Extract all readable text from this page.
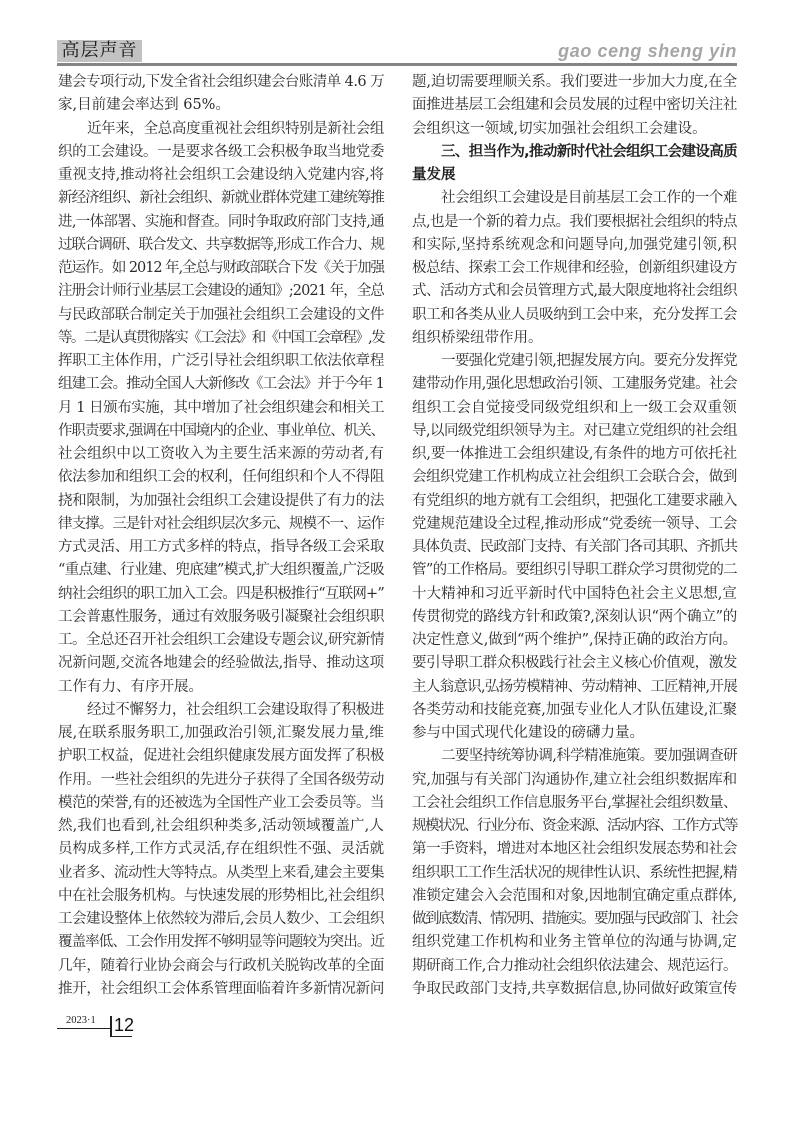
高层声音	gao ceng sheng yin
建会专项行动,下发全省社会组织建会台账清单 4.6 万
家,目前建会率达到 65%。
近年来，全总高度重视社会组织特别是新社会组
织的工会建设。一是要求各级工会积极争取当地党委
重视支持,推动将社会组织工会建设纳入党建内容,将
新经济组织、新社会组织、新就业群体党建工建统筹推
进,一体部署、实施和督查。同时争取政府部门支持,通
过联合调研、联合发文、共享数据等,形成工作合力、规
范运作。如 2012 年,全总与财政部联合下发《关于加强
注册会计师行业基层工会建设的通知》;2021 年，全总
与民政部联合制定关于加强社会组织工会建设的文件
等。二是认真贯彻落实《工会法》和《中国工会章程》,发
挥职工主体作用，广泛引导社会组织职工依法依章程
组建工会。推动全国人大新修改《工会法》并于今年 1
月 1 日颁布实施，其中增加了社会组织建会和相关工
作职责要求,强调在中国境内的企业、事业单位、机关、
社会组织中以工资收入为主要生活来源的劳动者,有
依法参加和组织工会的权利，任何组织和个人不得阻
挠和限制，为加强社会组织工会建设提供了有力的法
律支撑。三是针对社会组织层次多元、规模不一、运作
方式灵活、用工方式多样的特点，指导各级工会采取
“重点建、行业建、兜底建”模式,扩大组织覆盖,广泛吸
纳社会组织的职工加入工会。四是积极推行“互联网+”
工会普惠性服务，通过有效服务吸引凝聚社会组织职
工。全总还召开社会组织工会建设专题会议,研究新情
况新问题,交流各地建会的经验做法,指导、推动这项
工作有力、有序开展。
经过不懈努力，社会组织工会建设取得了积极进
展,在联系服务职工,加强政治引领,汇聚发展力量,维
护职工权益，促进社会组织健康发展方面发挥了积极
作用。一些社会组织的先进分子获得了全国各级劳动
模范的荣誉,有的还被选为全国性产业工会委员等。当
然,我们也看到,社会组织种类多,活动领域覆盖广,人
员构成多样,工作方式灵活,存在组织性不强、灵活就
业者多、流动性大等特点。从类型上来看,建会主要集
中在社会服务机构。与快速发展的形势相比,社会组织
工会建设整体上依然较为滞后,会员人数少、工会组织
覆盖率低、工会作用发挥不够明显等问题较为突出。近
几年，随着行业协会商会与行政机关脱钩改革的全面
推开，社会组织工会体系管理面临着许多新情况新问
题,迫切需要理顺关系。我们要进一步加大力度,在全
面推进基层工会组建和会员发展的过程中密切关注社
会组织这一领域,切实加强社会组织工会建设。
三、担当作为,推动新时代社会组织工会建设高质
量发展
社会组织工会建设是目前基层工会工作的一个难
点,也是一个新的着力点。我们要根据社会组织的特点
和实际,坚持系统观念和问题导向,加强党建引领,积
极总结、探索工会工作规律和经验，创新组织建设方
式、活动方式和会员管理方式,最大限度地将社会组织
职工和各类从业人员吸纳到工会中来，充分发挥工会
组织桥梁纽带作用。
一要强化党建引领,把握发展方向。要充分发挥党
建带动作用,强化思想政治引领、工建服务党建。社会
组织工会自觉接受同级党组织和上一级工会双重领
导,以同级党组织领导为主。对已建立党组织的社会组
织,要一体推进工会组织建设,有条件的地方可依托社
会组织党建工作机构成立社会组织工会联合会，做到
有党组织的地方就有工会组织，把强化工建要求融入
党建规范建设全过程,推动形成“党委统一领导、工会
具体负责、民政部门支持、有关部门各司其职、齐抓共
管”的工作格局。要组织引导职工群众学习贯彻党的二
十大精神和习近平新时代中国特色社会主义思想,宣
传贯彻党的路线方针和政策?,深刻认识“两个确立”的
决定性意义,做到“两个维护”,保持正确的政治方向。
要引导职工群众积极践行社会主义核心价值观，激发
主人翁意识,弘扬劳模精神、劳动精神、工匠精神,开展
各类劳动和技能竞赛,加强专业化人才队伍建设,汇聚
参与中国式现代化建设的磅礴力量。
二要坚持统筹协调,科学精准施策。要加强调查研
究,加强与有关部门沟通协作,建立社会组织数据库和
工会社会组织工作信息服务平台,掌握社会组织数量、
规模状况、行业分布、资金来源、活动内容、工作方式等
第一手资料，增进对本地区社会组织发展态势和社会
组织职工工作生活状况的规律性认识、系统性把握,精
准锁定建会入会范围和对象,因地制宜确定重点群体,
做到底数清、情况明、措施实。要加强与民政部门、社会
组织党建工作机构和业务主管单位的沟通与协调,定
期研商工作,合力推动社会组织依法建会、规范运行。
争取民政部门支持,共享数据信息,协同做好政策宣传
2023·1 12
